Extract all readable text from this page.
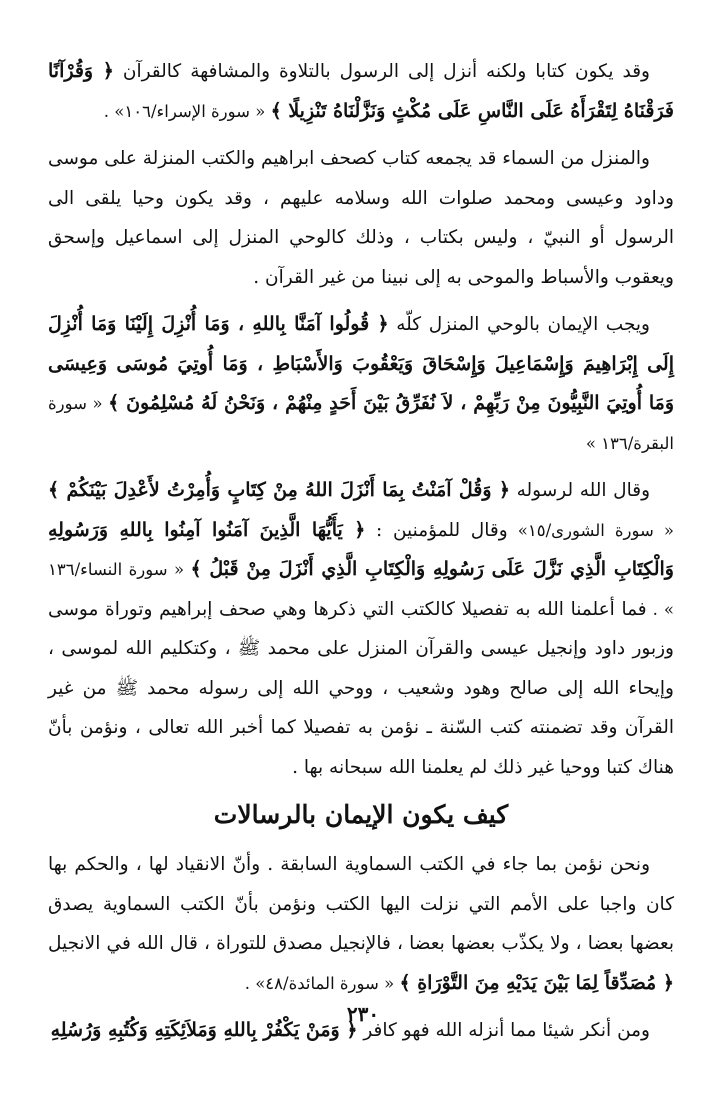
وقد يكون كتابا ولكنه أنزل إلى الرسول بالتلاوة والمشافهة كالقرآن ﴿ وَقُرْآنًا فَرَقْنَاهُ لِتَقْرَأَهُ عَلَى النَّاسِ عَلَى مُكْثٍ وَنَزَّلْنَاهُ تَنْزِيلًا ﴾ « سورة الإسراء/١٠٦» .

والمنزل من السماء قد يجمعه كتاب كصحف ابراهيم والكتب المنزلة على موسى وداود وعيسى ومحمد صلوات الله وسلامه عليهم ، وقد يكون وحيا يلقى الى الرسول أو النبيّ ، وليس بكتاب ، وذلك كالوحي المنزل إلى اسماعيل وإسحق ويعقوب والأسباط والموحى به إلى نبينا من غير القرآن .

ويجب الإيمان بالوحي المنزل كلّه ﴿ قُولُوا آمَنَّا بِاللهِ ، وَمَا أُنْزِلَ إِلَيْنَا وَمَا أُنْزِلَ إِلَى إِبْرَاهِيمَ وَإِسْمَاعِيلَ وَإِسْحَاقَ وَيَعْقُوبَ وَالأَسْبَاطِ ، وَمَا أُوتِيَ مُوسَى وَعِيسَى وَمَا أُوتِيَ النَّبِيُّونَ مِنْ رَبِّهِمْ ، لاَ نُفَرِّقُ بَيْنَ أَحَدٍ مِنْهُمْ ، وَنَحْنُ لَهُ مُسْلِمُونَ ﴾ « سورة البقرة/١٣٦ »

وقال الله لرسوله ﴿ وَقُلْ آمَنْتُ بِمَا أَنْزَلَ اللهُ مِنْ كِتَابٍ وَأُمِرْتُ لأَعْدِلَ بَيْنَكُمْ ﴾ « سورة الشورى/١٥» وقال للمؤمنين : ﴿ يَأَيُّهَا الَّذِينَ آمَنُوا آمِنُوا بِاللهِ وَرَسُولِهِ وَالْكِتَابِ الَّذِي نَزَّلَ عَلَى رَسُولِهِ وَالْكِتَابِ الَّذِي أَنْزَلَ مِنْ قَبْلُ ﴾ « سورة النساء/١٣٦ » . فما أعلمنا الله به تفصيلا كالكتب التي ذكرها وهي صحف إبراهيم وتوراة موسى وزبور داود وإنجيل عيسى والقرآن المنزل على محمد ﷺ ، وكتكليم الله لموسى ، وإيحاء الله إلى صالح وهود وشعيب ، ووحي الله إلى رسوله محمد ﷺ من غير القرآن وقد تضمنته كتب السّنة ـ نؤمن به تفصيلا كما أخبر الله تعالى ، ونؤمن بأنّ هناك كتبا ووحيا غير ذلك لم يعلمنا الله سبحانه بها .

كيف يكون الإيمان بالرسالات

ونحن نؤمن بما جاء في الكتب السماوية السابقة . وأنّ الانقياد لها ، والحكم بها كان واجبا على الأمم التي نزلت اليها الكتب ونؤمن بأنّ الكتب السماوية يصدق بعضها بعضا ، ولا يكذّب بعضها بعضا ، فالإنجيل مصدق للتوراة ، قال الله في الانجيل ﴿ مُصَدِّقاً لِمَا بَيْنَ يَدَيْهِ مِنَ التَّوْرَاةِ ﴾ « سورة المائدة/٤٨» .

ومن أنكر شيئا مما أنزله الله فهو كافر ﴿ وَمَنْ يَكْفُرْ بِاللهِ وَمَلاَئِكَتِهِ وَكُتُبِهِ وَرُسُلِهِ

٢٣٠
